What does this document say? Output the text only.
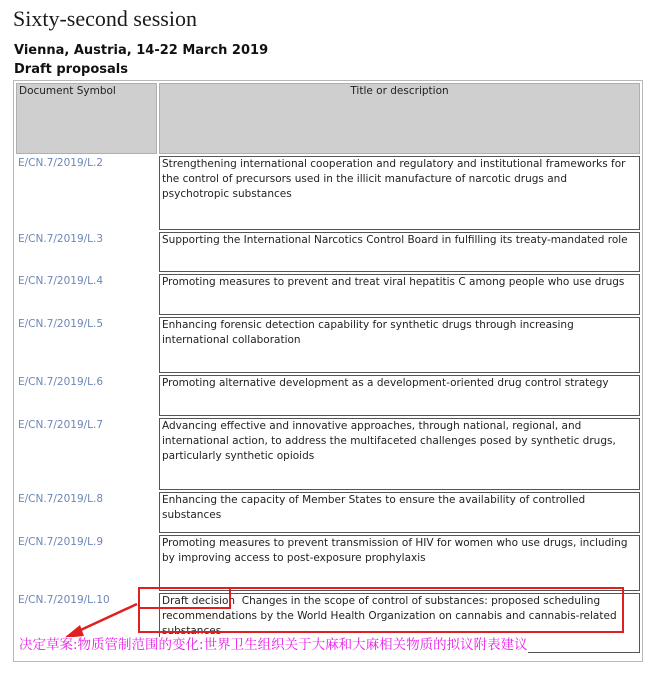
Sixty-second session
Vienna, Austria, 14-22 March 2019
Draft proposals
Document Symbol	Title or description
E/CN.7/2019/L.2	Strengthening international cooperation and regulatory and institutional frameworks for the control of precursors used in the illicit manufacture of narcotic drugs and psychotropic substances
E/CN.7/2019/L.3	Supporting the International Narcotics Control Board in fulfilling its treaty-mandated role
E/CN.7/2019/L.4	Promoting measures to prevent and treat viral hepatitis C among people who use drugs
E/CN.7/2019/L.5	Enhancing forensic detection capability for synthetic drugs through increasing international collaboration
E/CN.7/2019/L.6	Promoting alternative development as a development-oriented drug control strategy
E/CN.7/2019/L.7	Advancing effective and innovative approaches, through national, regional, and international action, to address the multifaceted challenges posed by synthetic drugs, particularly synthetic opioids
E/CN.7/2019/L.8	Enhancing the capacity of Member States to ensure the availability of controlled substances
E/CN.7/2019/L.9	Promoting measures to prevent transmission of HIV for women who use drugs, including by improving access to post-exposure prophylaxis
E/CN.7/2019/L.10	Draft decision Changes in the scope of control of substances: proposed scheduling recommendations by the World Health Organization on cannabis and cannabis-related substances
决定草案:物质管制范围的变化:世界卫生组织关于大麻和大麻相关物质的拟议附表建议
